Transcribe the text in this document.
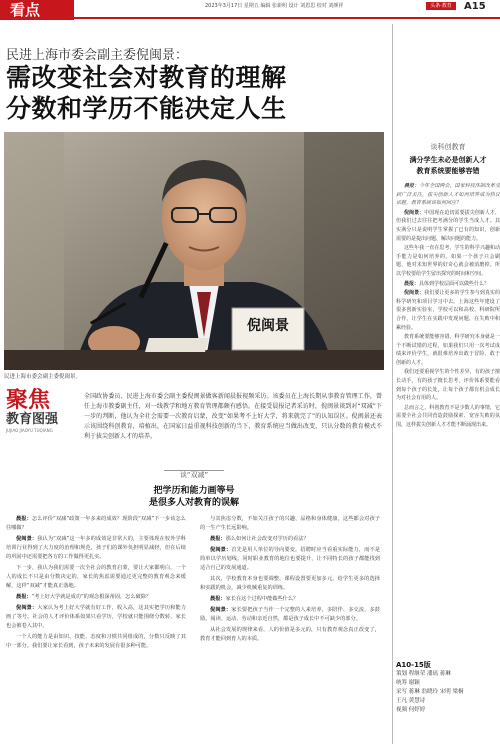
看点	2023年3月17日 星期五 编辑 张新明 设计 刘恩思 校对 刘颜祥	头条·教育	A15
民进上海市委会副主委倪闽景：
需改变社会对教育的理解
分数和学历不能决定人生
倪闽景
民进上海市委会副主委倪闽景。
聚焦
教育图强
JUJIAO JIAOYU TUQIANG
全国政协委员、民进上海市委会副主委倪闽景做客新闻晨报视频采访。该委员在上海长期从事教育管理工作，曾任上海市教委副主任，对一线教学和地方教育管理都颇有感悟。在接受晨报记者采访时，倪闽景谈到对“双减”下一步的判断，他认为全社会需要一次教育启蒙，改变“如果考不上好大学，将来就完了”的认知误区。倪闽景还表示该围绕科创教育，培植出，在国家日益重视科技创新的当下，教育系统应当做出改变，只认分数的教育模式不利于拔尖创新人才的培养。
谈“双减”
把学历和能力画等号
是很多人对教育的误解

晨报：怎么评价“双减”政策一年多来的成效？现阶段“双减”下一步该怎么往哪做？

倪闽景：我认为“双减”这一年多的成效是非常大的，主要体现在校外学科培训行业得到了大力度的治理和规范，孩子们的课外负担明显减轻，但在后续的巩固中还需要把各方的工作做得更扎实。

下一步，我认为我们需要一次全社会的教育启蒙，要让大家都明白，一个人的成长不只是由分数决定的，家长的焦虑需要通过更完整的教育观念来缓解，这样“双减”才能真正落地。

晨报：“考上好大学就是成功”的观念根深蒂固，怎么破除？

倪闽景：大家认为考上好大学就有好工作，收入高，这其实把学历和能力画了等号。社会的人才评价体系如果只看学历，学校就只能围绕分数转，家长也会被卷入其中。

一个人的能力是由知识、技能、态度和习惯共同组成的，分数只反映了其中一部分。我们要让家长看到，孩子未来的发展有很多种可能。

与其焦虑分数，不如关注孩子的兴趣、品格和身体健康，这些都会对孩子的一生产生长远影响。

晨报：那么如何让社会改变对学历的看法？

倪闽景：首先是用人单位的导向要变。招聘时应当看重实际能力，而不是简单以学历划线。同时职业教育的地位也要提升，让不同特长的孩子都能找到适合自己的发展通道。

其次，学校教育本身也要调整，课程设置要更加多元，给学生更多的选择和实践的机会，减少机械重复的训练。

晨报：家长在这个过程中能做些什么？

倪闽景：家长要把孩子当作一个完整的人来培养，多陪伴、多交流、多鼓励。阅读、运动、劳动和亲近自然，都是孩子成长中不可缺少的部分。

从社会发展的规律来看，人的价值是多元的，只有教育观念真正改变了，教育才能回到育人的本质。

谈科创教育
满分学生未必是创新人才
教育系统要能够容错

晨报：今年全国两会，国家科技体制改革受到广泛关注，拔尖创新人才如何培养成为热议话题。教育系统该如何回应？

倪闽景：中国现在迫切需要拔尖创新人才，但我们过去往往把考满分的学生当成人才。其实满分只是说明学生掌握了已有的知识，创新需要的是提出问题、解决问题的能力。

这些年我一直在思考，学生的科学兴趣和动手能力是如何培养的。如果一个孩子只会刷题，他对未知世界的好奇心就会被消磨掉。所以学校要给学生留出探究的时间和空间。

晨报：具体到学校层面可以做些什么？

倪闽景：我们要让更多的学生参与到真实的科学研究和项目学习中去。上海这些年建设了很多创新实验室，学校可以和高校、科研院所合作，让学生在实践中发现问题，在失败中积累经验。

教育系统要能够容错。科学研究本身就是一个不断试错的过程，如果我们只用一次考试成绩来评价学生，就很难培养出敢于冒险、敢于创新的人才。

我们还要重视学生的个性差异，有的孩子擅长动手，有的孩子擅长思考，评价体系要能看到每个孩子的长处，让每个孩子都有机会成长为对社会有用的人。

总而言之，科创教育不是少数人的事情，它需要全社会共同营造鼓励探索、宽容失败的氛围，这样拔尖创新人才才能不断涌现出来。

A10-15版
策划 程继荣 潘瑶 蒋琳
统筹 谢颖
采写 蒋琳 翁晓玲 宋明 梁桐
王凡 黄慧诗
视频 何婷婷
